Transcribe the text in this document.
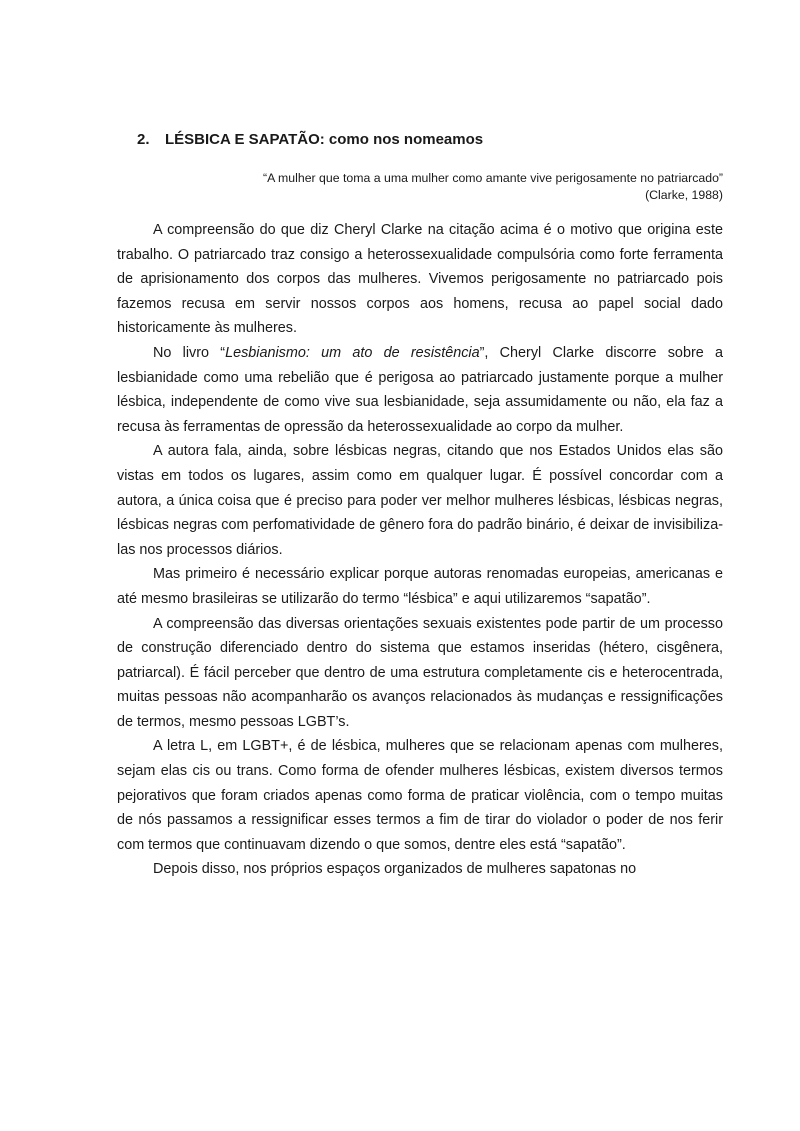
2. LÉSBICA E SAPATÃO: como nos nomeamos
“A mulher que toma a uma mulher como amante vive perigosamente no patriarcado”
(Clarke, 1988)

A compreensão do que diz Cheryl Clarke na citação acima é o motivo que origina este trabalho. O patriarcado traz consigo a heterossexualidade compulsória como forte ferramenta de aprisionamento dos corpos das mulheres. Vivemos perigosamente no patriarcado pois fazemos recusa em servir nossos corpos aos homens, recusa ao papel social dado historicamente às mulheres.

No livro “Lesbianismo: um ato de resistência”, Cheryl Clarke discorre sobre a lesbianidade como uma rebelião que é perigosa ao patriarcado justamente porque a mulher lésbica, independente de como vive sua lesbianidade, seja assumidamente ou não, ela faz a recusa às ferramentas de opressão da heterossexualidade ao corpo da mulher.

A autora fala, ainda, sobre lésbicas negras, citando que nos Estados Unidos elas são vistas em todos os lugares, assim como em qualquer lugar. É possível concordar com a autora, a única coisa que é preciso para poder ver melhor mulheres lésbicas, lésbicas negras, lésbicas negras com perfomatividade de gênero fora do padrão binário, é deixar de invisibiliza-las nos processos diários.

Mas primeiro é necessário explicar porque autoras renomadas europeias, americanas e até mesmo brasileiras se utilizarão do termo “lésbica” e aqui utilizaremos “sapatão”.

A compreensão das diversas orientações sexuais existentes pode partir de um processo de construção diferenciado dentro do sistema que estamos inseridas (hétero, cisgênera, patriarcal). É fácil perceber que dentro de uma estrutura completamente cis e heterocentrada, muitas pessoas não acompanharão os avanços relacionados às mudanças e ressignificações de termos, mesmo pessoas LGBT’s.

A letra L, em LGBT+, é de lésbica, mulheres que se relacionam apenas com mulheres, sejam elas cis ou trans. Como forma de ofender mulheres lésbicas, existem diversos termos pejorativos que foram criados apenas como forma de praticar violência, com o tempo muitas de nós passamos a ressignificar esses termos a fim de tirar do violador o poder de nos ferir com termos que continuavam dizendo o que somos, dentre eles está “sapatão”.

Depois disso, nos próprios espaços organizados de mulheres sapatonas no
